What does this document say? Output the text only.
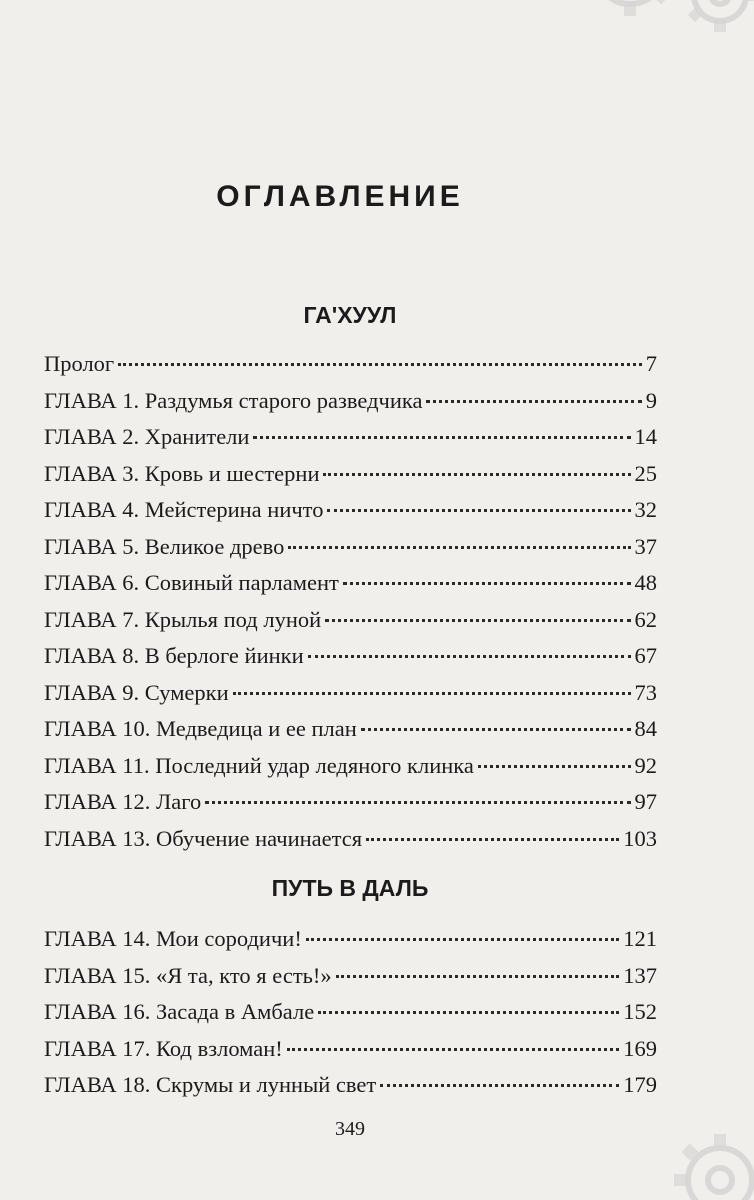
ОГЛАВЛЕНИЕ
ГА'ХУУЛ
Пролог	7
ГЛАВА 1. Раздумья старого разведчика	9
ГЛАВА 2. Хранители	14
ГЛАВА 3. Кровь и шестерни	25
ГЛАВА 4. Мейстерина ничто	32
ГЛАВА 5. Великое древо	37
ГЛАВА 6. Совиный парламент	48
ГЛАВА 7. Крылья под луной	62
ГЛАВА 8. В берлоге йинки	67
ГЛАВА 9. Сумерки	73
ГЛАВА 10. Медведица и ее план	84
ГЛАВА 11. Последний удар ледяного клинка	92
ГЛАВА 12. Лаго	97
ГЛАВА 13. Обучение начинается	103
ПУТЬ В ДАЛЬ
ГЛАВА 14. Мои сородичи!	121
ГЛАВА 15. «Я та, кто я есть!»	137
ГЛАВА 16. Засада в Амбале	152
ГЛАВА 17. Код взломан!	169
ГЛАВА 18. Скрумы и лунный свет	179
349
